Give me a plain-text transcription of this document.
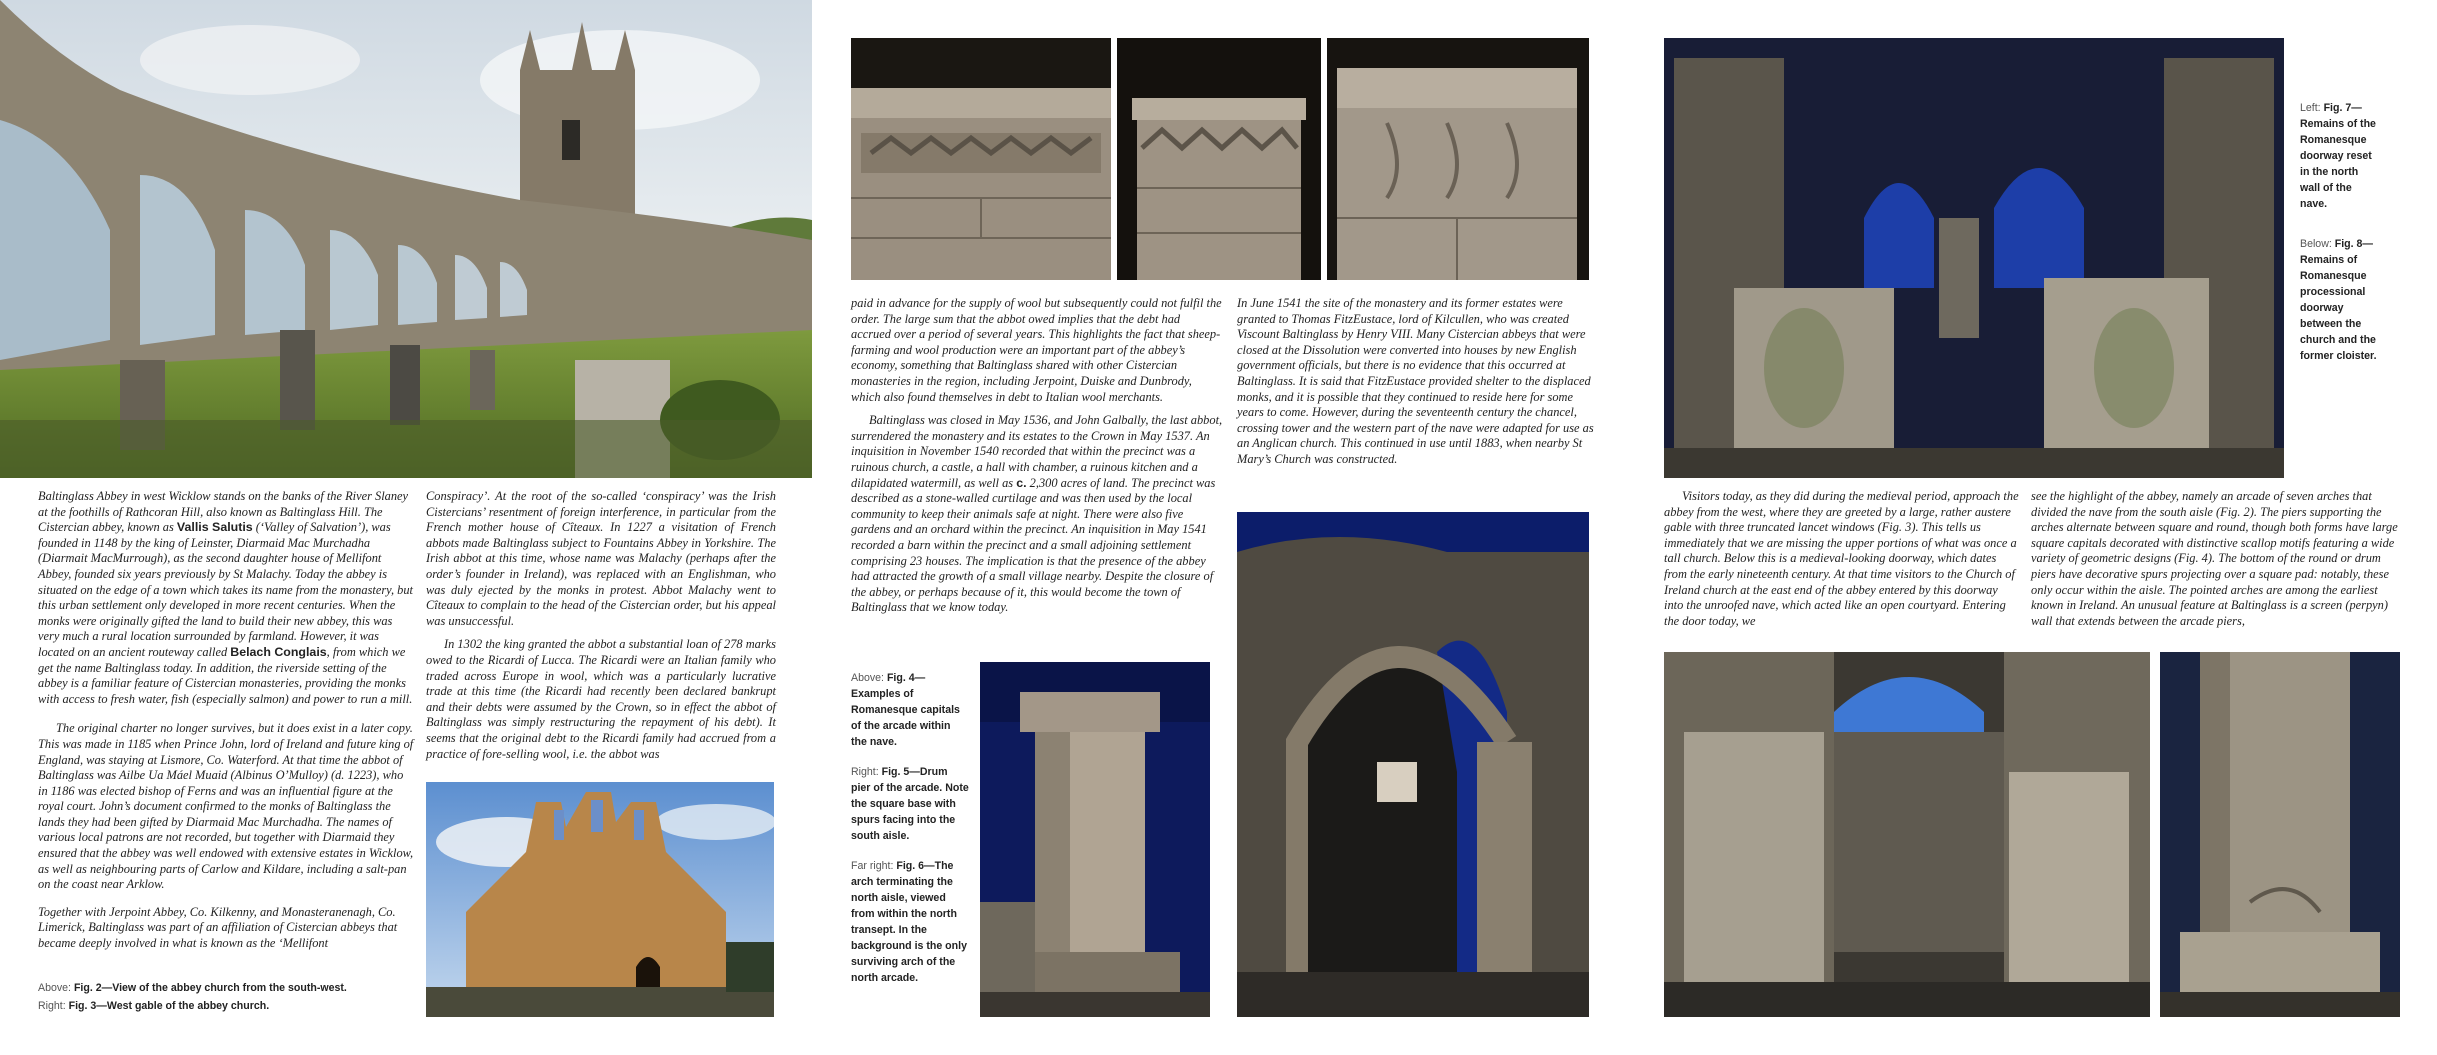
Baltinglass Abbey in west Wicklow stands on the banks of the River Slaney at the foothills of Rathcoran Hill, also known as Baltinglass Hill. The Cistercian abbey, known as Vallis Salutis (‘Valley of Salvation’), was founded in 1148 by the king of Leinster, Diarmaid Mac Murchadha (Diarmait MacMurrough), as the second daughter house of Mellifont Abbey, founded six years previously by St Malachy. Today the abbey is situated on the edge of a town which takes its name from the monastery, but this urban settlement only developed in more recent centuries. When the monks were originally gifted the land to build their new abbey, this was very much a rural location surrounded by farmland. However, it was located on an ancient routeway called Belach Conglais, from which we get the name Baltinglass today. In addition, the riverside setting of the abbey is a familiar feature of Cistercian monasteries, providing the monks with access to fresh water, fish (especially salmon) and power to run a mill.

The original charter no longer survives, but it does exist in a later copy. This was made in 1185 when Prince John, lord of Ireland and future king of England, was staying at Lismore, Co. Waterford. At that time the abbot of Baltinglass was Ailbe Ua Máel Muaid (Albinus O’Mulloy) (d. 1223), who in 1186 was elected bishop of Ferns and was an influential figure at the royal court. John’s document confirmed to the monks of Baltinglass the lands they had been gifted by Diarmaid Mac Murchadha. The names of various local patrons are not recorded, but together with Diarmaid they ensured that the abbey was well endowed with extensive estates in Wicklow, as well as neighbouring parts of Carlow and Kildare, including a salt-pan on the coast near Arklow.

Together with Jerpoint Abbey, Co. Kilkenny, and Monasteranenagh, Co. Limerick, Baltinglass was part of an affiliation of Cistercian abbeys that became deeply involved in what is known as the ‘Mellifont

Above: Fig. 2—View of the abbey church from the south-west.
Right: Fig. 3—West gable of the abbey church.

Conspiracy’. At the root of the so-called ‘conspiracy’ was the Irish Cistercians’ resentment of foreign interference, in particular from the French mother house of Cîteaux. In 1227 a visitation of French abbots made Baltinglass subject to Fountains Abbey in Yorkshire. The Irish abbot at this time, whose name was Malachy (perhaps after the order’s founder in Ireland), was replaced with an Englishman, who was duly ejected by the monks in protest. Abbot Malachy went to Cîteaux to complain to the head of the Cistercian order, but his appeal was unsuccessful.

In 1302 the king granted the abbot a substantial loan of 278 marks owed to the Ricardi of Lucca. The Ricardi were an Italian family who traded across Europe in wool, which was a particularly lucrative trade at this time (the Ricardi had recently been declared bankrupt and their debts were assumed by the Crown, so in effect the abbot of Baltinglass was simply restructuring the repayment of his debt). It seems that the original debt to the Ricardi family had accrued from a practice of fore-selling wool, i.e. the abbot was

paid in advance for the supply of wool but subsequently could not fulfil the order. The large sum that the abbot owed implies that the debt had accrued over a period of several years. This highlights the fact that sheep-farming and wool production were an important part of the abbey’s economy, something that Baltinglass shared with other Cistercian monasteries in the region, including Jerpoint, Duiske and Dunbrody, which also found themselves in debt to Italian wool merchants.

Baltinglass was closed in May 1536, and John Galbally, the last abbot, surrendered the monastery and its estates to the Crown in May 1537. An inquisition in November 1540 recorded that within the precinct was a ruinous church, a castle, a hall with chamber, a ruinous kitchen and a dilapidated watermill, as well as c. 2,300 acres of land. The precinct was described as a stone-walled curtilage and was then used by the local community to keep their animals safe at night. There were also five gardens and an orchard within the precinct. An inquisition in May 1541 recorded a barn within the precinct and a small adjoining settlement comprising 23 houses. The implication is that the presence of the abbey had attracted the growth of a small village nearby. Despite the closure of the abbey, or perhaps because of it, this would become the town of Baltinglass that we know today.

In June 1541 the site of the monastery and its former estates were granted to Thomas FitzEustace, lord of Kilcullen, who was created Viscount Baltinglass by Henry VIII. Many Cistercian abbeys that were closed at the Dissolution were converted into houses by new English government officials, but there is no evidence that this occurred at Baltinglass. It is said that FitzEustace provided shelter to the displaced monks, and it is possible that they continued to reside here for some years to come. However, during the seventeenth century the chancel, crossing tower and the western part of the nave were adapted for use as an Anglican church. This continued in use until 1883, when nearby St Mary’s Church was constructed.

Above: Fig. 4—Examples of Romanesque capitals of the arcade within the nave.

Right: Fig. 5—Drum pier of the arcade. Note the square base with spurs facing into the south aisle.

Far right: Fig. 6—The arch terminating the north aisle, viewed from within the north transept. In the background is the only surviving arch of the north arcade.

Left: Fig. 7—Remains of the Romanesque doorway reset in the north wall of the nave.

Below: Fig. 8—Remains of Romanesque processional doorway between the church and the former cloister.

Visitors today, as they did during the medieval period, approach the abbey from the west, where they are greeted by a large, rather austere gable with three truncated lancet windows (Fig. 3). This tells us immediately that we are missing the upper portions of what was once a tall church. Below this is a medieval-looking doorway, which dates from the early nineteenth century. At that time visitors to the Church of Ireland church at the east end of the abbey entered by this doorway into the unroofed nave, which acted like an open courtyard. Entering the door today, we

see the highlight of the abbey, namely an arcade of seven arches that divided the nave from the south aisle (Fig. 2). The piers supporting the arches alternate between square and round, though both forms have large square capitals decorated with distinctive scallop motifs featuring a wide variety of geometric designs (Fig. 4). The bottom of the round or drum piers have decorative spurs projecting over a square pad: notably, these only occur within the aisle. The pointed arches are among the earliest known in Ireland. An unusual feature at Baltinglass is a screen (perpyn) wall that extends between the arcade piers,
